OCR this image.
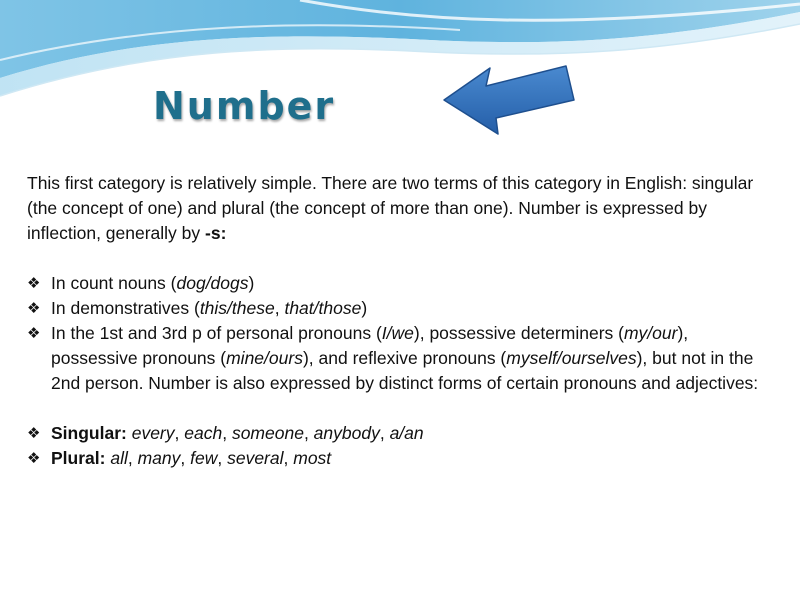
Number

This first category is relatively simple. There are two terms of this category in English: singular (the concept of one) and plural (the concept of more than one). Number is expressed by inflection, generally by -s:

❖ In count nouns (dog/dogs)
❖ In demonstratives (this/these, that/those)
❖ In the 1st and 3rd p of personal pronouns (I/we), possessive determiners (my/our), possessive pronouns (mine/ours), and reflexive pronouns (myself/ourselves), but not in the 2nd person. Number is also expressed by distinct forms of certain pronouns and adjectives:
❖ Singular: every, each, someone, anybody, a/an
❖ Plural: all, many, few, several, most
